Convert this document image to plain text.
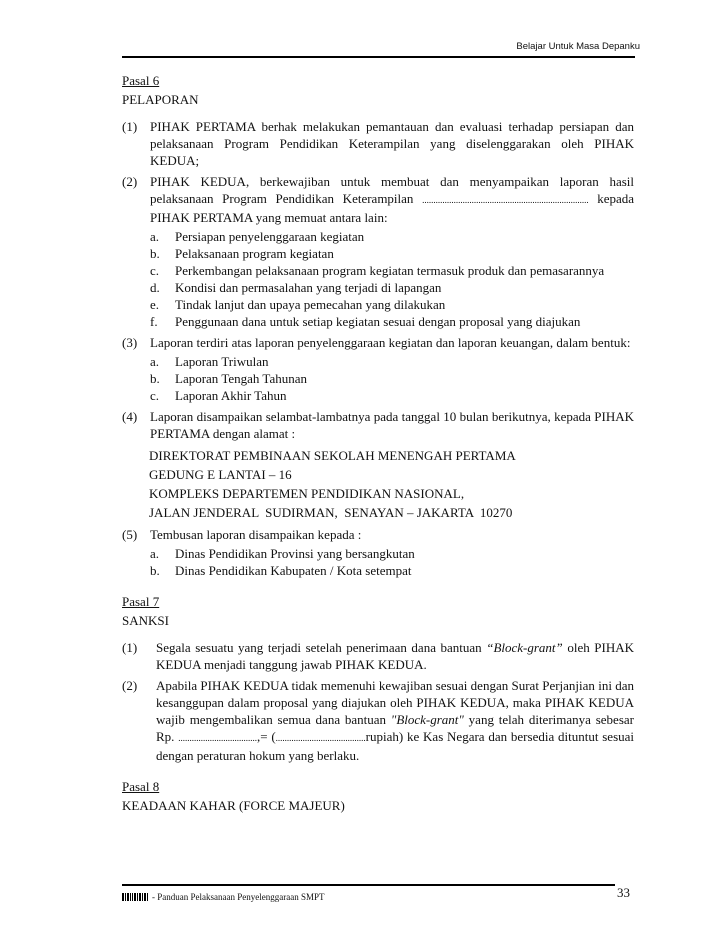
Belajar Untuk Masa Depanku
Pasal 6
PELAPORAN
(1) PIHAK PERTAMA berhak melakukan pemantauan dan evaluasi terhadap persiapan dan pelaksanaan Program Pendidikan Keterampilan yang diselenggarakan oleh PIHAK KEDUA;
(2) PIHAK KEDUA, berkewajiban untuk membuat dan menyampaikan laporan hasil pelaksanaan Program Pendidikan Keterampilan .......................................................................... kepada PIHAK PERTAMA yang memuat antara lain:
a.	Persiapan penyelenggaraan kegiatan
b.	Pelaksanaan program kegiatan
c.	Perkembangan pelaksanaan program kegiatan termasuk produk dan pemasarannya
d.	Kondisi dan permasalahan yang terjadi di lapangan
e.	Tindak lanjut dan upaya pemecahan yang dilakukan
f.	Penggunaan dana untuk setiap kegiatan sesuai dengan proposal yang diajukan
(3) Laporan terdiri atas laporan penyelenggaraan kegiatan dan laporan keuangan, dalam bentuk:
a.	Laporan Triwulan
b.	Laporan Tengah Tahunan
c.	Laporan Akhir Tahun
(4) Laporan disampaikan selambat-lambatnya pada tanggal 10 bulan berikutnya, kepada PIHAK PERTAMA dengan alamat :
DIREKTORAT PEMBINAAN SEKOLAH MENENGAH PERTAMA
GEDUNG E LANTAI – 16
KOMPLEKS DEPARTEMEN PENDIDIKAN NASIONAL,
JALAN JENDERAL  SUDIRMAN,  SENAYAN – JAKARTA  10270
(5) Tembusan laporan disampaikan kepada :
a.	Dinas Pendidikan Provinsi yang bersangkutan
b.	Dinas Pendidikan Kabupaten / Kota setempat
Pasal 7
SANKSI
(1)	Segala sesuatu yang terjadi setelah penerimaan dana bantuan “Block-grant” oleh PIHAK KEDUA menjadi tanggung jawab PIHAK KEDUA.
(2)	Apabila PIHAK KEDUA tidak memenuhi kewajiban sesuai dengan Surat Perjanjian ini dan kesanggupan dalam proposal yang diajukan oleh PIHAK KEDUA, maka PIHAK KEDUA wajib mengembalikan semua dana bantuan "Block-grant" yang telah diterimanya sebesar Rp. ...................................,= (........................................rupiah) ke Kas Negara dan bersedia dituntut sesuai dengan peraturan hokum yang berlaku.
Pasal 8
KEADAAN KAHAR (FORCE MAJEUR)
33
- Panduan Pelaksanaan Penyelenggaraan SMPT
